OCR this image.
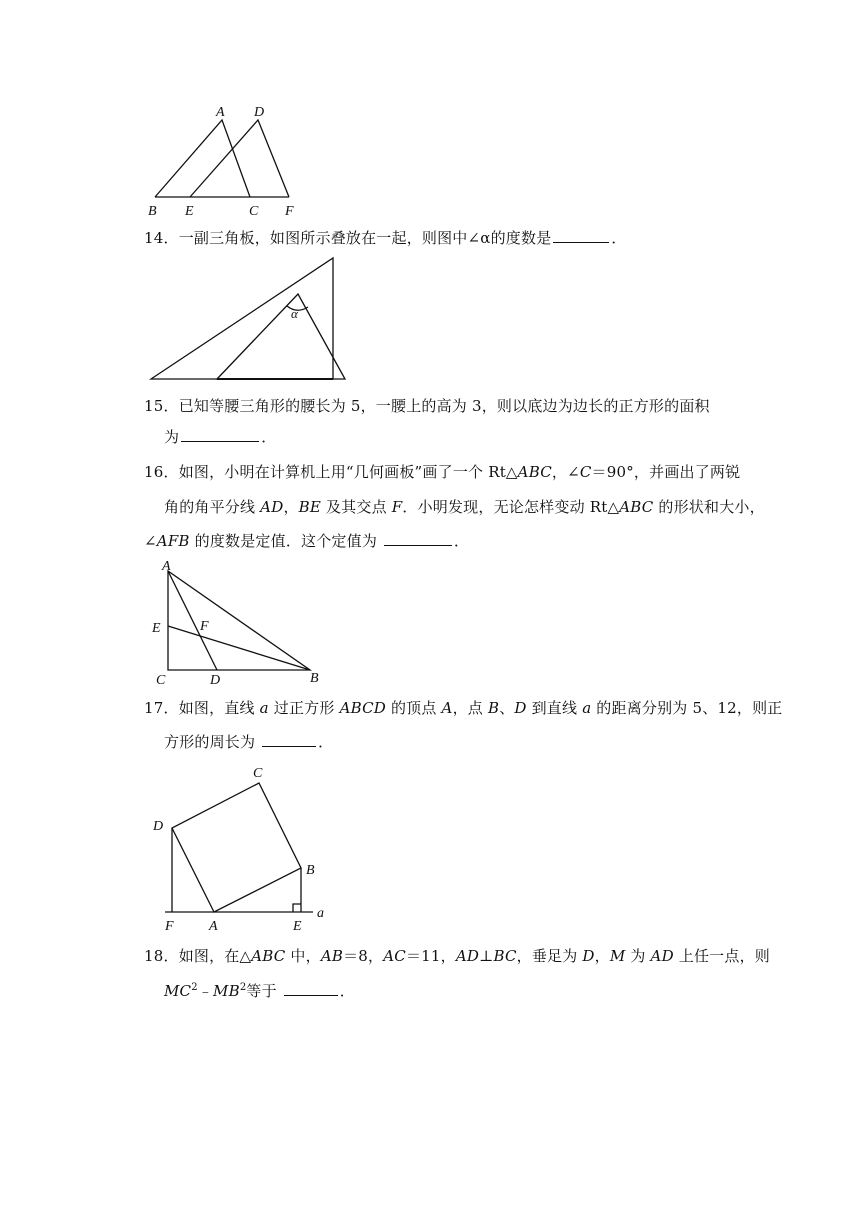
A D
B E	C F
14．一副三角板，如图所示叠放在一起，则图中∠α的度数是	．
α
15．已知等腰三角形的腰长为 5，一腰上的高为 3，则以底边为边长的正方形的面积
为	．
16．如图，小明在计算机上用“几何画板”画了一个 Rt△ABC，∠C＝90°，并画出了两锐
角的角平分线 AD，BE 及其交点 F．小明发现，无论怎样变动 Rt△ABC 的形状和大小，
∠AFB 的度数是定值．这个定值为	．
A
E	F
C	D	B
17．如图，直线 a 过正方形 ABCD 的顶点 A，点 B、D 到直线 a 的距离分别为 5、12，则正
方形的周长为	．
C
D
B
F	A	E
a
18．如图，在△ABC 中，AB＝8，AC＝11，AD⊥BC，垂足为 D，M 为 AD 上任一点，则
$MC^2﹣MB^2$等于	．
